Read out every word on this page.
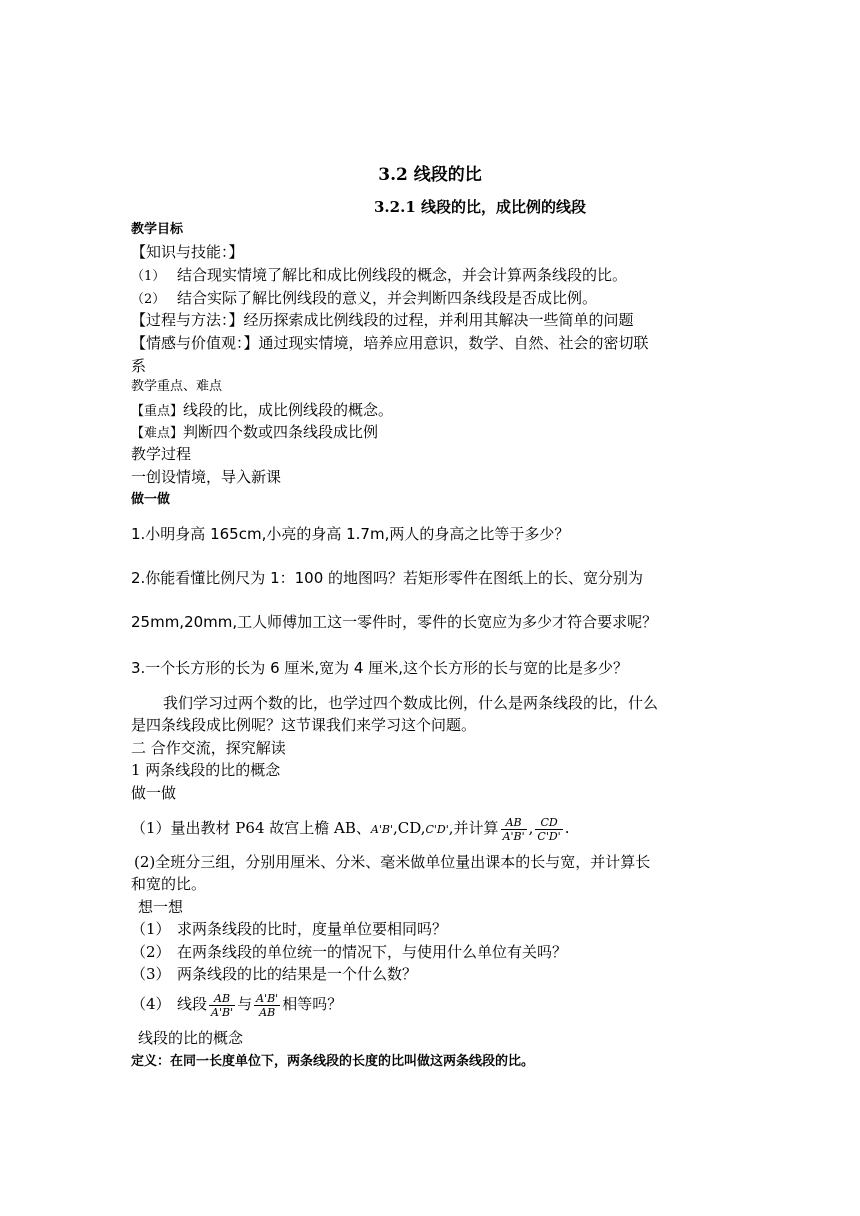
3.2 线段的比
3.2.1 线段的比，成比例的线段
教学目标
【知识与技能：】
（1） 结合现实情境了解比和成比例线段的概念，并会计算两条线段的比。
（2） 结合实际了解比例线段的意义，并会判断四条线段是否成比例。
【过程与方法：】经历探索成比例线段的过程，并利用其解决一些简单的问题
【情感与价值观：】通过现实情境，培养应用意识，数学、自然、社会的密切联
系
教学重点、难点
【重点】线段的比，成比例线段的概念。
【难点】判断四个数或四条线段成比例
教学过程
一创设情境，导入新课
做一做
1.小明身高 165cm,小亮的身高 1.7m,两人的身高之比等于多少？
2.你能看懂比例尺为 1：100 的地图吗？若矩形零件在图纸上的长、宽分别为
25mm,20mm,工人师傅加工这一零件时，零件的长宽应为多少才符合要求呢？
3.一个长方形的长为 6 厘米,宽为 4 厘米,这个长方形的长与宽的比是多少？
我们学习过两个数的比，也学过四个数成比例，什么是两条线段的比，什么
是四条线段成比例呢？这节课我们来学习这个问题。
二 合作交流，探究解读
1 两条线段的比的概念
做一做
（1）量出教材 P64 故宫上檐 AB、A'B',CD,C'D',并计算 $\frac{AB}{A'B'}$ , $\frac{CD}{C'D'}$ .
(2)全班分三组，分别用厘米、分米、毫米做单位量出课本的长与宽，并计算长
和宽的比。
想一想
（1） 求两条线段的比时，度量单位要相同吗？
（2） 在两条线段的单位统一的情况下，与使用什么单位有关吗？
（3） 两条线段的比的结果是一个什么数？
（4） 线段 $\frac{AB}{A'B'}$ 与 $\frac{A'B'}{AB}$ 相等吗？
线段的比的概念
定义：在同一长度单位下，两条线段的长度的比叫做这两条线段的比。
